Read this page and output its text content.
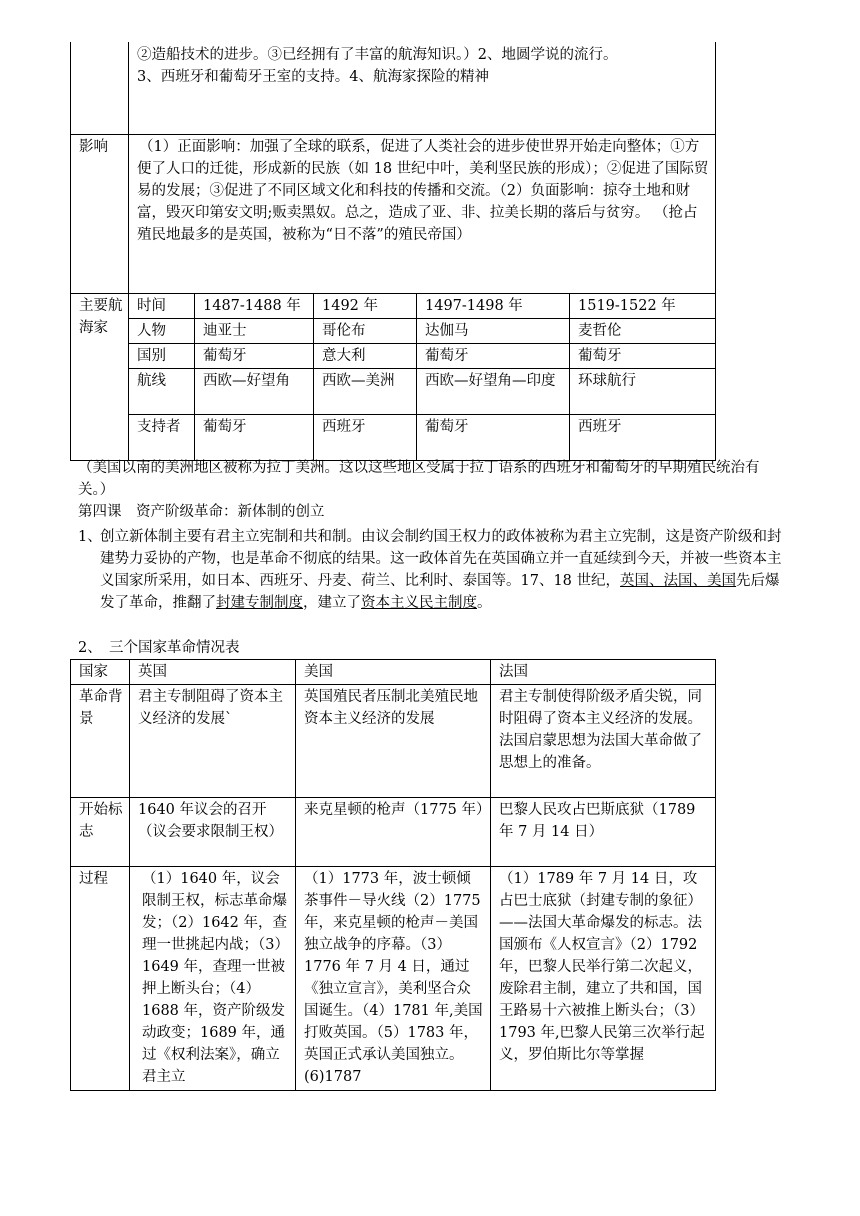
	②造船技术的进步。③已经拥有了丰富的航海知识。）2、地圆学说的流行。
3、西班牙和葡萄牙王室的支持。4、航海家探险的精神				

影响	（1）正面影响：加强了全球的联系，促进了人类社会的进步使世界开始走向整体；①方便了人口的迁徙，形成新的民族（如 18 世纪中叶，美利坚民族的形成）；②促进了国际贸易的发展；③促进了不同区域文化和科技的传播和交流。（2）负面影响：掠夺土地和财富，毁灭印第安文明;贩卖黑奴。总之，造成了亚、非、拉美长期的落后与贫穷。 （抢占殖民地最多的是英国，被称为“日不落”的殖民帝国）				
主要航海家	时间	1487-1488 年	1492 年	1497-1498 年	1519-1522 年
	人物	迪亚士	哥伦布	达伽马	麦哲伦
	国别	葡萄牙	意大利	葡萄牙	葡萄牙
	航线	西欧—好望角	西欧—美洲	西欧—好望角—印度	环球航行
	支持者	葡萄牙	西班牙	葡萄牙	西班牙

（美国以南的美洲地区被称为拉丁美洲。这以这些地区受属于拉丁语系的西班牙和葡萄牙的早期殖民统治有关。）

第四课　资产阶级革命：新体制的创立

1、
创立新体制主要有君主立宪制和共和制。由议会制约国王权力的政体被称为君主立宪制，这是资产阶级和封建势力妥协的产物，也是革命不彻底的结果。这一政体首先在英国确立并一直延续到今天，并被一些资本主义国家所采用，如日本、西班牙、丹麦、荷兰、比利时、泰国等。17、18 世纪，英国、法国、美国先后爆发了革命，推翻了封建专制制度，建立了资本主义民主制度。

2、　三个国家革命情况表

国家	英国	美国	法国
革命背景	君主专制阻碍了资本主义经济的发展`	英国殖民者压制北美殖民地资本主义经济的发展	君主专制使得阶级矛盾尖锐，同时阻碍了资本主义经济的发展。
法国启蒙思想为法国大革命做了思想上的准备。

开始标志	1640 年议会的召开（议会要求限制王权）	来克星顿的枪声（1775 年）	巴黎人民攻占巴斯底狱（1789 年 7 月 14 日）
过程	（1）1640 年，议会限制王权，标志革命爆发；（2）1642 年，查理一世挑起内战；（3）1649 年，查理一世被押上断头台；（4）1688 年，资产阶级发动政变；1689 年，通过《权利法案》，确立君主立	（1）1773 年，波士顿倾茶事件－导火线（2）1775 年，来克星顿的枪声－美国独立战争的序幕。（3）1776 年 7 月 4 日，通过《独立宣言》，美利坚合众国诞生。（4）1781 年,美国打败英国。（5）1783 年，英国正式承认美国独立。(6)1787	（1）1789 年 7 月 14 日，攻占巴士底狱（封建专制的象征）——法国大革命爆发的标志。法国颁布《人权宣言》（2）1792 年，巴黎人民举行第二次起义，废除君主制，建立了共和国，国王路易十六被推上断头台；（3）1793 年,巴黎人民第三次举行起义，罗伯斯比尔等掌握
